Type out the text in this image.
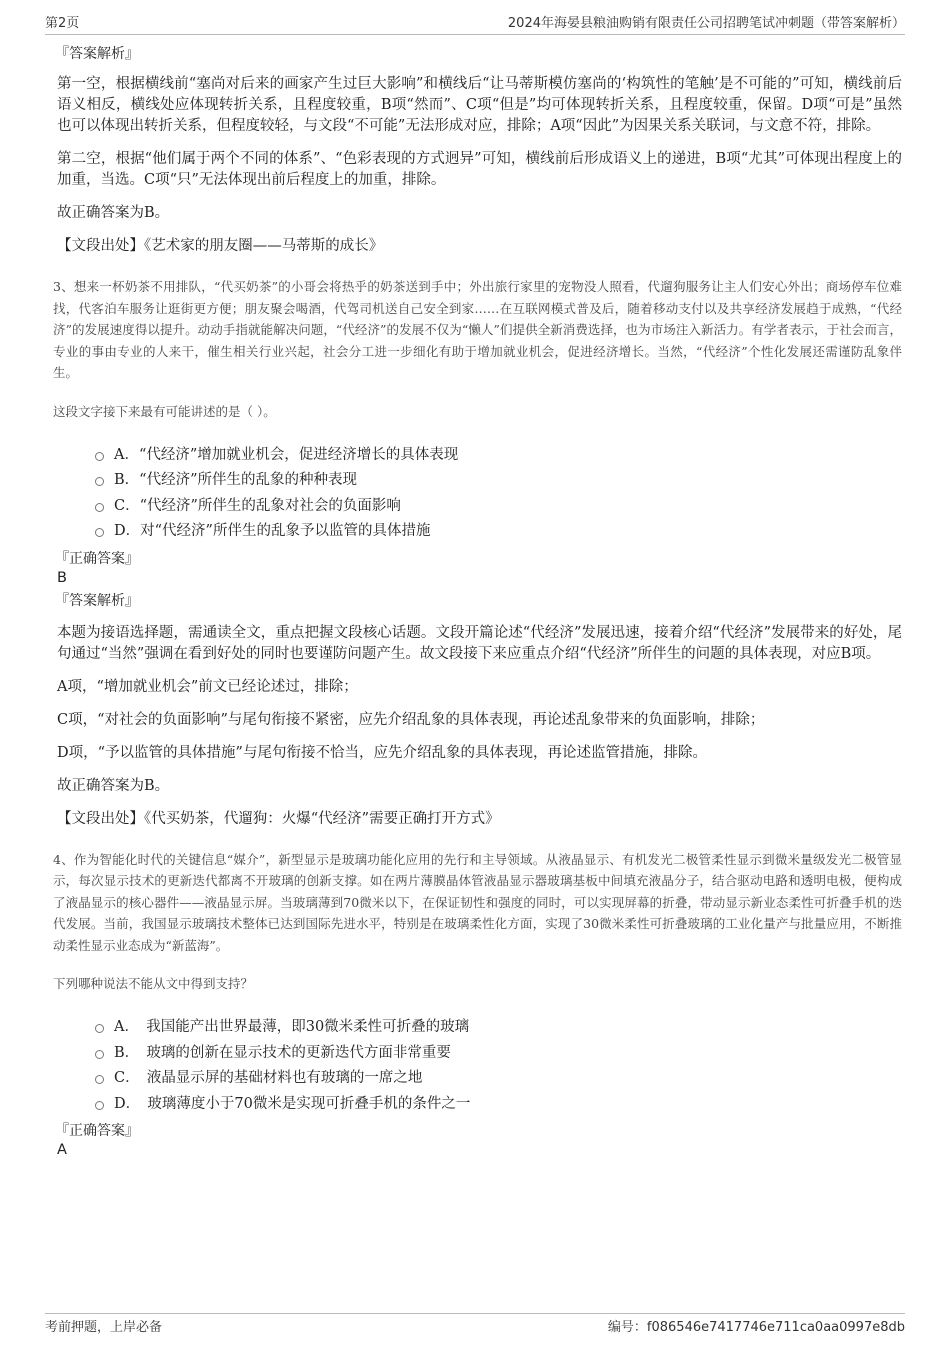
第2页	2024年海晏县粮油购销有限责任公司招聘笔试冲刺题（带答案解析）

『答案解析』

第一空，根据横线前“塞尚对后来的画家产生过巨大影响”和横线后“让马蒂斯模仿塞尚的‘构筑性的笔触’是不可能的”可知，横线前后语义相反，横线处应体现转折关系，且程度较重，B项“然而”、C项“但是”均可体现转折关系，且程度较重，保留。D项“可是”虽然也可以体现出转折关系，但程度较轻，与文段“不可能”无法形成对应，排除；A项“因此”为因果关系关联词，与文意不符，排除。

第二空，根据“他们属于两个不同的体系”、“色彩表现的方式迥异”可知，横线前后形成语义上的递进，B项“尤其”可体现出程度上的加重，当选。C项“只”无法体现出前后程度上的加重，排除。

故正确答案为B。

【文段出处】《艺术家的朋友圈——马蒂斯的成长》

3、想来一杯奶茶不用排队，“代买奶茶”的小哥会将热乎的奶茶送到手中；外出旅行家里的宠物没人照看，代遛狗服务让主人们安心外出；商场停车位难找，代客泊车服务让逛街更方便；朋友聚会喝酒，代驾司机送自己安全到家……在互联网模式普及后，随着移动支付以及共享经济发展趋于成熟，“代经济”的发展速度得以提升。动动手指就能解决问题，“代经济”的发展不仅为“懒人”们提供全新消费选择，也为市场注入新活力。有学者表示，于社会而言，专业的事由专业的人来干，催生相关行业兴起，社会分工进一步细化有助于增加就业机会，促进经济增长。当然，“代经济”个性化发展还需谨防乱象伴生。

这段文字接下来最有可能讲述的是（ ）。

A．“代经济”增加就业机会，促进经济增长的具体表现
B．“代经济”所伴生的乱象的种种表现
C．“代经济”所伴生的乱象对社会的负面影响
D．对“代经济”所伴生的乱象予以监管的具体措施

『正确答案』

B

『答案解析』

本题为接语选择题，需通读全文，重点把握文段核心话题。文段开篇论述“代经济”发展迅速，接着介绍“代经济”发展带来的好处，尾句通过“当然”强调在看到好处的同时也要谨防问题产生。故文段接下来应重点介绍“代经济”所伴生的问题的具体表现，对应B项。

A项，“增加就业机会”前文已经论述过，排除；

C项，“对社会的负面影响”与尾句衔接不紧密，应先介绍乱象的具体表现，再论述乱象带来的负面影响，排除；

D项，“予以监管的具体措施”与尾句衔接不恰当，应先介绍乱象的具体表现，再论述监管措施，排除。

故正确答案为B。

【文段出处】《代买奶茶，代遛狗：火爆“代经济”需要正确打开方式》

4、作为智能化时代的关键信息“媒介”，新型显示是玻璃功能化应用的先行和主导领域。从液晶显示、有机发光二极管柔性显示到微米量级发光二极管显示，每次显示技术的更新迭代都离不开玻璃的创新支撑。如在两片薄膜晶体管液晶显示器玻璃基板中间填充液晶分子，结合驱动电路和透明电极，便构成了液晶显示的核心器件——液晶显示屏。当玻璃薄到70微米以下，在保证韧性和强度的同时，可以实现屏幕的折叠，带动显示新业态柔性可折叠手机的迭代发展。当前，我国显示玻璃技术整体已达到国际先进水平，特别是在玻璃柔性化方面，实现了30微米柔性可折叠玻璃的工业化量产与批量应用，不断推动柔性显示业态成为“新蓝海”。

下列哪种说法不能从文中得到支持？

A．　我国能产出世界最薄，即30微米柔性可折叠的玻璃
B．　玻璃的创新在显示技术的更新迭代方面非常重要
C．　液晶显示屏的基础材料也有玻璃的一席之地
D．　玻璃薄度小于70微米是实现可折叠手机的条件之一

『正确答案』

A

考前押题，上岸必备	编号：f086546e7417746e711ca0aa0997e8db
